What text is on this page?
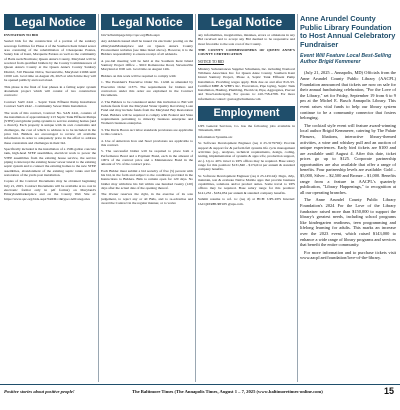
Legal Notice

INVITATION TO BID

Sealed bids for the construction of a portion of the sanitary sewerage facilities for Phase 4 of the Southern Kent Island sewer area consisting of the rehabilitation of Chesapeake Estates, Sunny Isle of Kent, Marquette Estates as well as the community of Batts neck/Normans; Queen Anne's County, Maryland will be received from qualified bidders by the County Commissioners of Queen Anne's County at the Queen Anne's County Sanitary District, 310 Hessian Drive, Stevensville, Maryland 21666 until 10:00 a.m. local time on August 26, 2025 at which time they will be opened publicly and read aloud.

This phase is the final of four phases in a failing septic system abatement project which will consist of two construction contracts:

Contract SAN 2441 – Septic Tank Effluent Pump Installation Contract SAN 2442 – Community Sewer Main Installation

The work of this contract, Contract No. SAN 2441, consists of the installation of approximately 213 Septic Tank Effluent Pumps (STEP) and grinder pump systems to service existing homes (and a church). Each property is unique with its own constraints and challenges, the cost of which to address is to be included in the price bid. Bidders are encouraged to review all available information in order to adequately price in the effort to address these constraints and challenges in their bid.

Specifically included is the installation of a 1500-gallon concrete tank, high-head STEP assemblies, electrical work to power the STEP assemblies from the existing house service, the service piping to intercept the existing house' sewer lateral to the existing septic system and to connect the existing homes to the new STEP assemblies, abandonment of the existing septic tanks and full restoration of the yards post installation.

Copies of the Contract Documents may be obtained beginning July 21, 2025. Contract Documents will be available at no cost in electronic format only in pdf format) on Maryland's Emarylandmarketplace and on the County Web Site at: https://www.qac.org/bids.aspx?bidID=1&type=AllCategories

Legal Notice

bnv%2bstrmpage http://qac.org/Bids.aspx

Any Addenda issued shall be issued via electronic posting on the eMarylandMarketplace and on Queen Anne's County Procurement websites (see links listed above). However, it is the Bidders responsibility to ensure receipt of all addenda.

A pre-bid meeting will be held at the Southern Kent Island Sanitary Project Office – 9610 Romancoke Road, Stevensville Maryland at 9:00 a.m. local time on August 12th.

Bidders on this work will be required to comply with:

1. The President's Executive Order No. 11246 as amended by Executive Order 11375. The requirements for bidders and contractors under this order are explained in the Contract Documents.

2. The Bidders to be considered under this invitation to Bid will include funds from the Maryland Water Quality Revolving Loan Fund and may include funds from the Maryland Bay Restoration Fund. Bidders will be required to comply with Federal and State requirements pertaining to minority business enterprise and Women's business enterprise.

3. The Davis Bacon Act labor standards provisions are applicable to this contract.

4. Use of American Iron and Steel provisions are applicable to this contract.

5. The successful bidder will be required to place both a Performance Bond and a Payment Bond, each in the amount of 100% of the contract price and a Maintenance Bond in the amount of 5% of the contract price.

Each Bidder must submit a bid security of five (5) percent with his bid, in the form and subject to the conditions provided in the Instructions to Bidders. Bids to remain open for 120 days. No bidder may withdraw his bid within one hundred twenty (120) days after the actual date of the opening thereof.

The Owner reserves the right, in the exercise of its sole judgement, to reject any or all Bids, and to re-advertise and award the Contract in the regular manner, or to waive

Legal Notice

any informalities, irregularities, mistakes, errors or omissions in any Bid received and to accept any Bid deemed to be responsive and most favorable to the sole cost of the County.

THE COUNTY COMMISSIONERS OF QUEEN ANNE'S COUNTY CERTIFICATION

NOTICE TO BID

Ministry Substantances Supplier Schumann, Inc. including Nonlocal Wildness Associates Inc. for Queen Anne County, Southern Kent Island Sanitary Project, Phase 4, Septic Tank Effluent Pump Installation. Providing wages apply. Bids due on and after 8/21/25. Certified MBE & WBE's Inc. Excavation, Pipe laying, Septic Tank Installation, Hauling, Plumbing, Electrical, Pipe, Aggregates, Precast and Tree/Landscaping. For quotes to: 410-758-4788. For more information contact: gsatos@schumann.com

Employment

UPS General Services, Co. has the following jobs available in Timonium, MD:

Information Systems-sn:

Sr. Software Development Engineer (req # 25-3179792): Provide support & support for & perform full systems life cycle management activities (e.g., analyses, technical requirements, design, coding, testing, implementation of systems & apps s/fw, production support, etc.). Up to 40% travel to UPS offices may be required. Base salary range for this position: $131,840 - $174,614 per annum & standard company benefits.

Sr. Software Development Engineer (req # 25-145144): Dsgn, dvlp, maintain, test & evaluate Native Mobile apps that provide business capabilities, solutions and/or product suites. Some travel to UPS offices may be required. Base salary range for this position: $141,232 - $184,034 per annum & standard company benefits.

Submit resume to ref. to: (req #) at HCB: UPS-UPS Internal: JACQUIRBURTON @ups.com.

Anne Arundel County Public Library Foundation to Host Annual Celebratory Fundraiser
Event Will Feature Local Best-Selling Author Brigid Kemmerer

(July 21, 2025 – Annapolis, MD) Officials from the Anne Arundel County Public Library (AACPL) Foundation announced that tickets are now on sale for their annual fundraising celebration, "For the Love of the Library," set for Friday, September 19 from 6 to 9 pm at the Michel E. Busch Annapolis Library. This event raises vital funds to help our library system continue to be a community connector that fosters belonging.

The cocktail style event will feature award-winning local author Brigid Kemmerer, catering by The Palate Pleasers, libations, interactive library-themed activities, a wine and whiskey pull and an auction of unique experiences. Early bird tickets are $100 and are available until August 4. After this date, ticket prices go up to $125. Corporate partnership opportunities are also available that offer a range of benefits. Four partnership levels are available: Gold – $5,000, Silver – $2,500 and Bronze – $1,000. Benefits range from a feature in AACPL's quarterly publication, "Library Happenings," to recognition at all our operating branches.

The Anne Arundel County Public Library Foundation's 2024 For the Love of the Library fundraiser raised more than $150,000 to support the library's greatest needs, including school programs like kindergarten readiness, teen programming and lifelong learning for adults. This marks an increase over the 2023 event, which raised $143,000 to enhance a wide range of library programs and services that benefit the entire community.

For more information and to purchase tickets visit www.aacpl.net/foundation/love-of-the-library.

Positive stories about positive people!	The Baltimore Times (The Annapolis Times, August 1 – 7, 2025 (www.baltimoretimes-online.com)	15
